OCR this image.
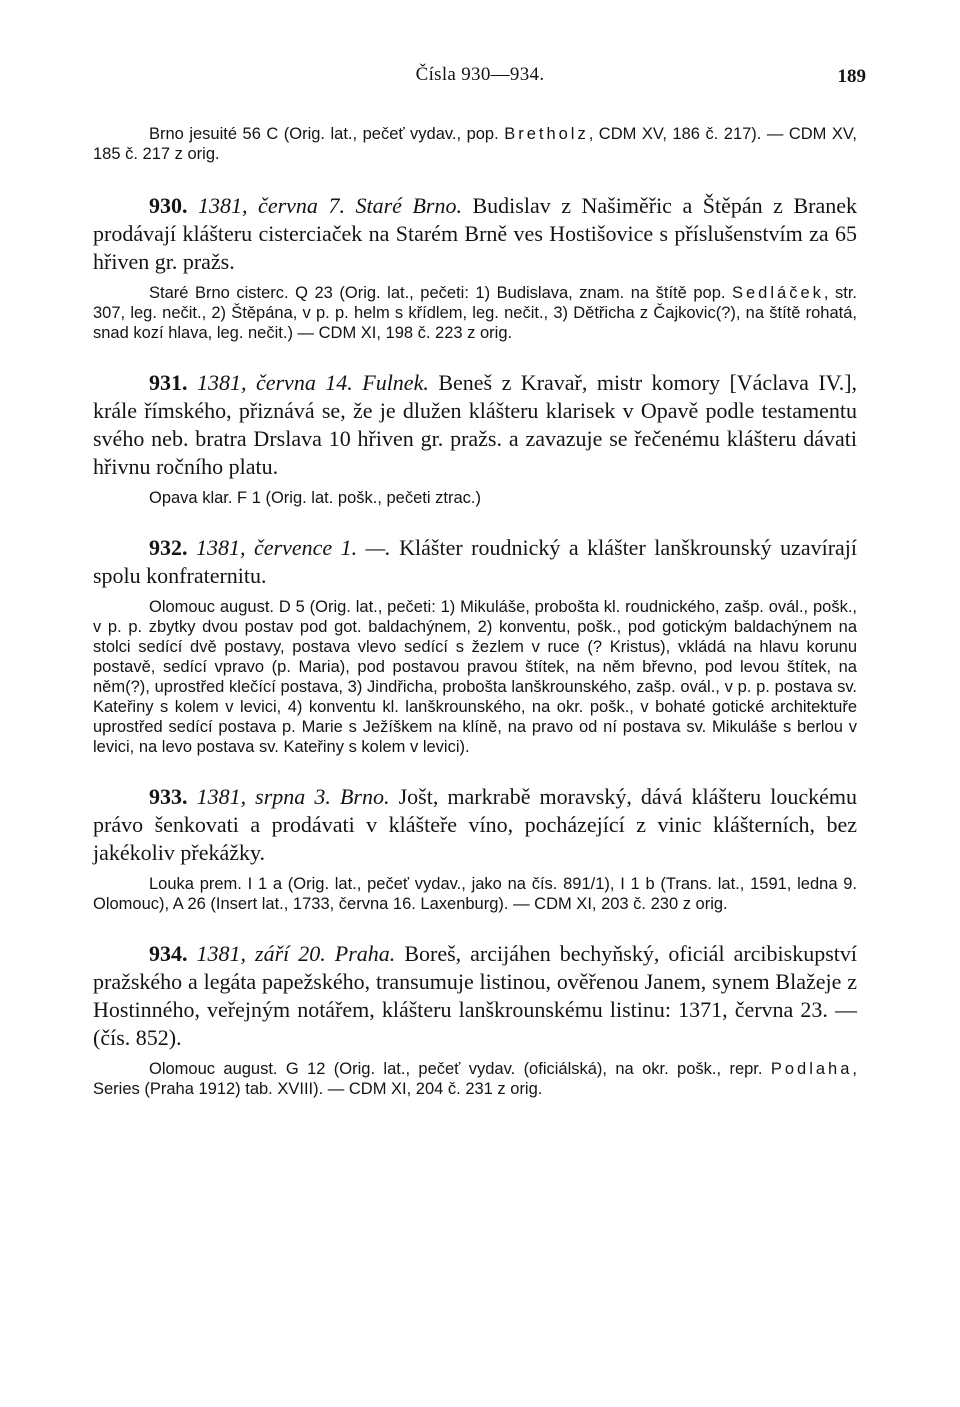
Čísla 930—934.	189

Brno jesuité 56 C (Orig. lat., pečeť vydav., pop. Bretholz, CDM XV, 186 č. 217). — CDM XV, 185 č. 217 z orig.

930. 1381, června 7. Staré Brno. Budislav z Našiměřic a Štěpán z Branek prodávají klášteru cisterciaček na Starém Brně ves Hostišovice s příslušenstvím za 65 hřiven gr. pražs.

Staré Brno cisterc. Q 23 (Orig. lat., pečeti: 1) Budislava, znam. na štítě pop. Sedláček, str. 307, leg. nečit., 2) Štěpána, v p. p. helm s křídlem, leg. nečit., 3) Dětřicha z Čajkovic(?), na štítě rohatá, snad kozí hlava, leg. nečit.) — CDM XI, 198 č. 223 z orig.

931. 1381, června 14. Fulnek. Beneš z Kravař, mistr komory [Václava IV.], krále římského, přiznává se, že je dlužen klášteru klarisek v Opavě podle testamentu svého neb. bratra Drslava 10 hřiven gr. pražs. a zavazuje se řečenému klášteru dávati hřivnu ročního platu.

Opava klar. F 1 (Orig. lat. pošk., pečeti ztrac.)

932. 1381, července 1. —. Klášter roudnický a klášter lanškrounský uzavírají spolu konfraternitu.

Olomouc august. D 5 (Orig. lat., pečeti: 1) Mikuláše, probošta kl. roudnického, zašp. ovál., pošk., v p. p. zbytky dvou postav pod got. baldachýnem, 2) konventu, pošk., pod gotickým baldachýnem na stolci sedící dvě postavy, postava vlevo sedící s žezlem v ruce (? Kristus), vkládá na hlavu korunu postavě, sedící vpravo (p. Maria), pod postavou pravou štítek, na něm břevno, pod levou štítek, na něm(?), uprostřed klečící postava, 3) Jindřicha, probošta lanškrounského, zašp. ovál., v p. p. postava sv. Kateřiny s kolem v levici, 4) konventu kl. lanškrounského, na okr. pošk., v bohaté gotické architektuře uprostřed sedící postava p. Marie s Ježíškem na klíně, na pravo od ní postava sv. Mikuláše s berlou v levici, na levo postava sv. Kateřiny s kolem v levici).

933. 1381, srpna 3. Brno. Jošt, markrabě moravský, dává klášteru louckému právo šenkovati a prodávati v klášteře víno, pocházející z vinic klášterních, bez jakékoliv překážky.

Louka prem. I 1 a (Orig. lat., pečeť vydav., jako na čís. 891/1), I 1 b (Trans. lat., 1591, ledna 9. Olomouc), A 26 (Insert lat., 1733, června 16. Laxenburg). — CDM XI, 203 č. 230 z orig.

934. 1381, září 20. Praha. Boreš, arcijáhen bechyňský, oficiál arcibiskupství pražského a legáta papežského, transumuje listinou, ověřenou Janem, synem Blažeje z Hostinného, veřejným notářem, klášteru lanškrounskému listinu: 1371, června 23. — (čís. 852).

Olomouc august. G 12 (Orig. lat., pečeť vydav. (oficiálská), na okr. pošk., repr. Podlaha, Series (Praha 1912) tab. XVIII). — CDM XI, 204 č. 231 z orig.
